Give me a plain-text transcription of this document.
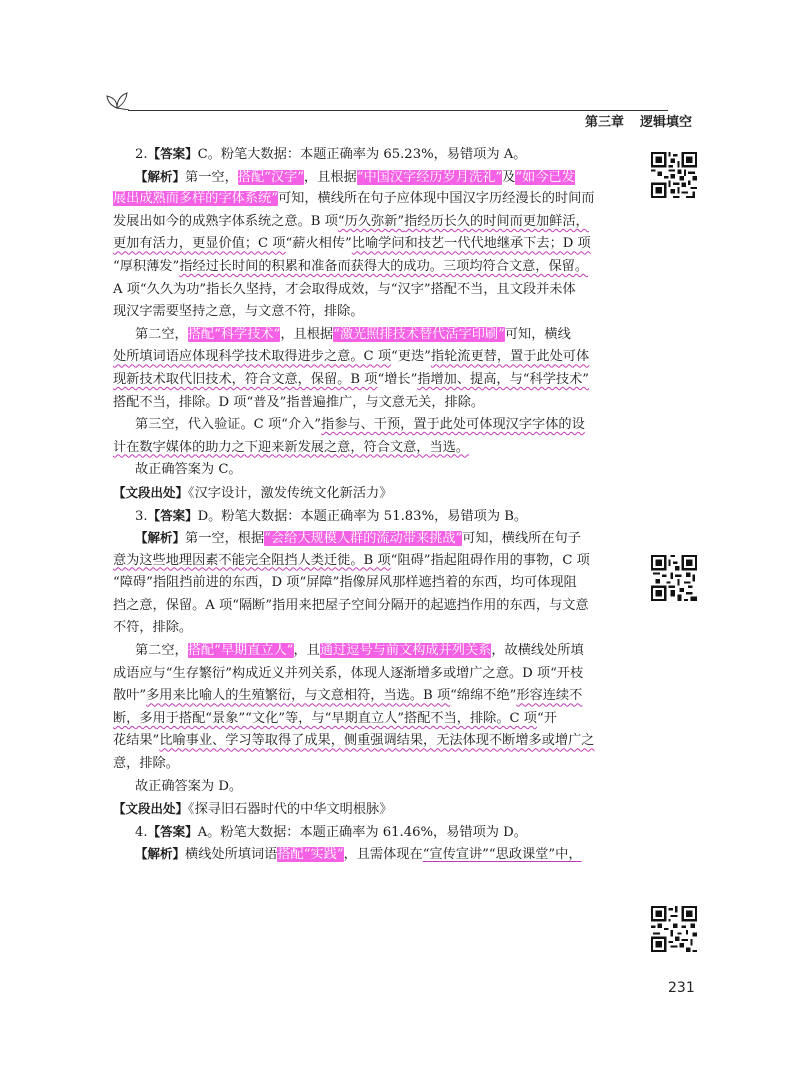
第三章 逻辑填空
2.【答案】C。粉笔大数据：本题正确率为 65.23%，易错项为 A。
【解析】第一空，搭配“汉字”，且根据“中国汉字经历岁月洗礼”及“如今已发
展出成熟而多样的字体系统”可知，横线所在句子应体现中国汉字历经漫长的时间而
发展出如今的成熟字体系统之意。B 项“历久弥新”指经历长久的时间而更加鲜活，
更加有活力，更显价值；C 项“薪火相传”比喻学问和技艺一代代地继承下去；D 项
“厚积薄发”指经过长时间的积累和准备而获得大的成功。三项均符合文意，保留。
A 项“久久为功”指长久坚持，才会取得成效，与“汉字”搭配不当，且文段并未体
现汉字需要坚持之意，与文意不符，排除。
第二空，搭配“科学技术”，且根据“激光照排技术替代活字印刷”可知，横线
处所填词语应体现科学技术取得进步之意。C 项“更迭”指轮流更替，置于此处可体
现新技术取代旧技术，符合文意，保留。B 项“增长”指增加、提高，与“科学技术”
搭配不当，排除。D 项“普及”指普遍推广，与文意无关，排除。
第三空，代入验证。C 项“介入”指参与、干预，置于此处可体现汉字字体的设
计在数字媒体的助力之下迎来新发展之意，符合文意，当选。
故正确答案为 C。
【文段出处】《汉字设计，激发传统文化新活力》
3.【答案】D。粉笔大数据：本题正确率为 51.83%，易错项为 B。
【解析】第一空，根据“会给大规模人群的流动带来挑战”可知，横线所在句子
意为这些地理因素不能完全阻挡人类迁徙。B 项“阻碍”指起阻碍作用的事物，C 项
“障碍”指阻挡前进的东西，D 项“屏障”指像屏风那样遮挡着的东西，均可体现阻
挡之意，保留。A 项“隔断”指用来把屋子空间分隔开的起遮挡作用的东西，与文意
不符，排除。
第二空，搭配“早期直立人”，且通过逗号与前文构成并列关系，故横线处所填
成语应与“生存繁衍”构成近义并列关系，体现人逐渐增多或增广之意。D 项“开枝
散叶”多用来比喻人的生殖繁衍，与文意相符，当选。B 项“绵绵不绝”形容连续不
断，多用于搭配“景象”“文化”等，与“早期直立人”搭配不当，排除。C 项“开
花结果”比喻事业、学习等取得了成果，侧重强调结果，无法体现不断增多或增广之
意，排除。
故正确答案为 D。
【文段出处】《探寻旧石器时代的中华文明根脉》
4.【答案】A。粉笔大数据：本题正确率为 61.46%，易错项为 D。
【解析】横线处所填词语搭配“实践”，且需体现在“宣传宣讲”“思政课堂”中，
231
